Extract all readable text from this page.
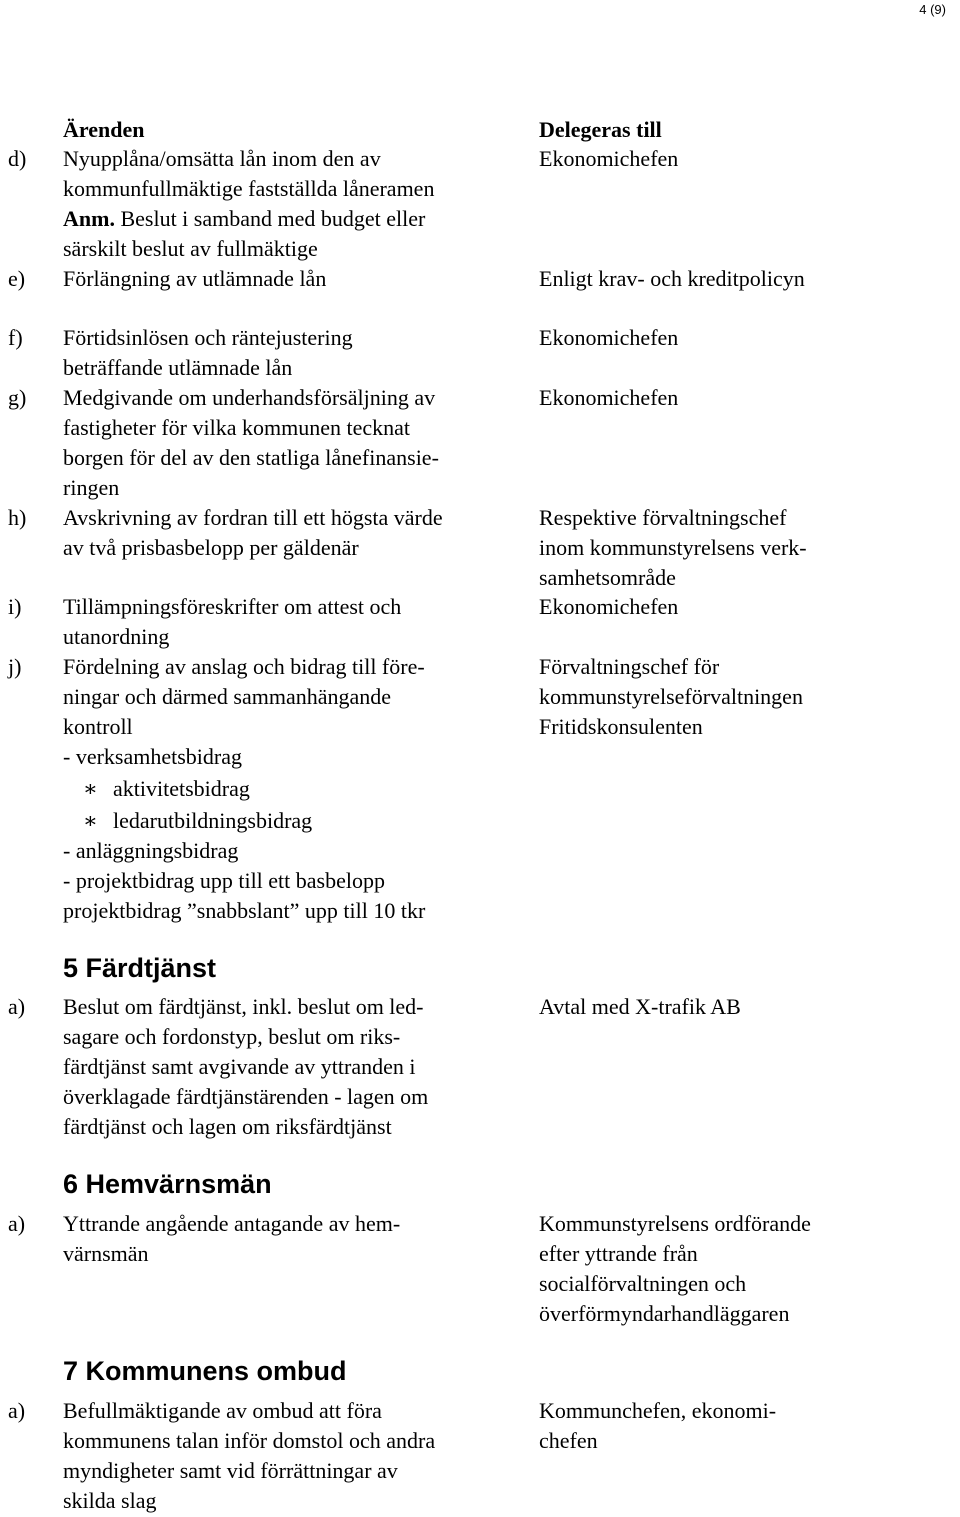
4 (9)
Ärenden	Delegeras till
d) Nyupplåna/omsätta lån inom den av
kommunfullmäktige fastställda låneramen
Anm. Beslut i samband med budget eller
särskilt beslut av fullmäktige
Ekonomichefen
e) Förlängning av utlämnade lån	Enligt krav- och kreditpolicyn
f) Förtidsinlösen och räntejustering
beträffande utlämnade lån
Ekonomichefen
g) Medgivande om underhandsförsäljning av
fastigheter för vilka kommunen tecknat
borgen för del av den statliga lånefinansie-
ringen
Ekonomichefen
h) Avskrivning av fordran till ett högsta värde
av två prisbasbelopp per gäldenär
Respektive förvaltningschef
inom kommunstyrelsens verk-
samhetsområde
i) Tillämpningsföreskrifter om attest och
utanordning
Ekonomichefen
j) Fördelning av anslag och bidrag till före-
ningar och därmed sammanhängande
kontroll
- verksamhetsbidrag
∗ aktivitetsbidrag
∗ ledarutbildningsbidrag
- anläggningsbidrag
- projektbidrag upp till ett basbelopp
projektbidrag ”snabbslant” upp till 10 tkr
Förvaltningschef för
kommunstyrelseförvaltningen
Fritidskonsulenten
5 Färdtjänst
a) Beslut om färdtjänst, inkl. beslut om led-
sagare och fordonstyp, beslut om riks-
färdtjänst samt avgivande av yttranden i
överklagade färdtjänstärenden - lagen om
färdtjänst och lagen om riksfärdtjänst
Avtal med X-trafik AB
6 Hemvärnsmän
a) Yttrande angående antagande av hem-
värnsmän
Kommunstyrelsens ordförande
efter yttrande från
socialförvaltningen och
överförmyndarhandläggaren
7 Kommunens ombud
a) Befullmäktigande av ombud att föra
kommunens talan inför domstol och andra
myndigheter samt vid förrättningar av
skilda slag
Kommunchefen, ekonomi-
chefen
